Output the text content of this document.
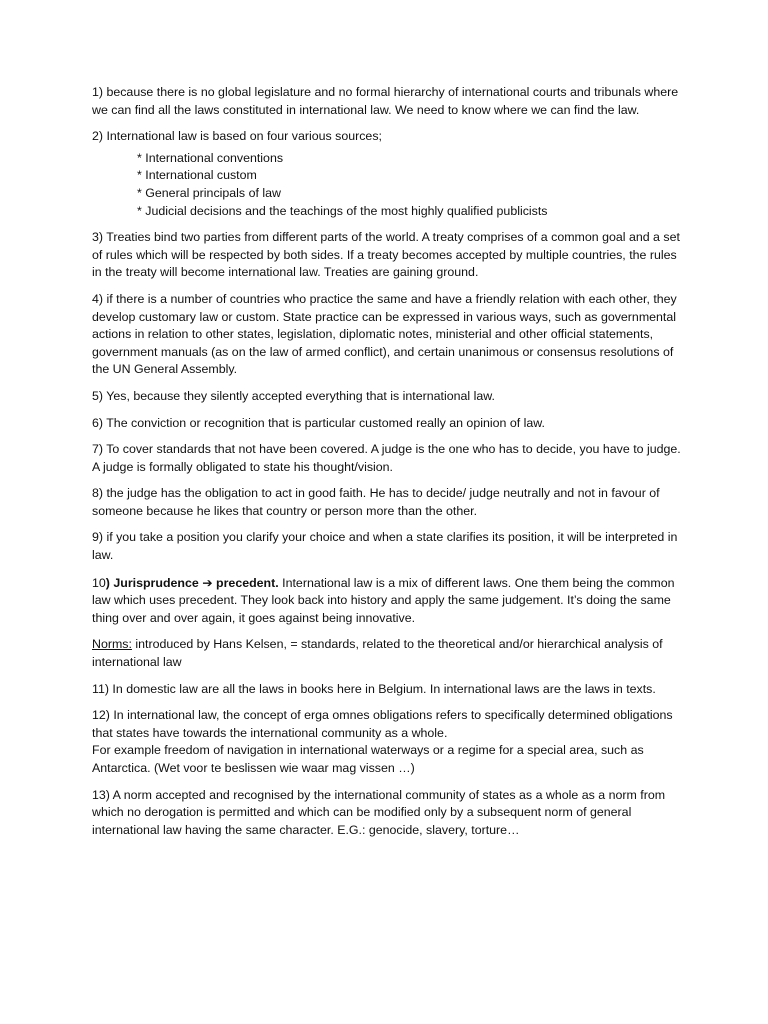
1) because there is no global legislature and no formal hierarchy of international courts and tribunals where we can find all the laws constituted in international law. We need to know where we can find the law.

2) International law is based on four various sources;

* International conventions
* International custom
* General principals of law
* Judicial decisions and the teachings of the most highly qualified publicists

3) Treaties bind two parties from different parts of the world. A treaty comprises of a common goal and a set of rules which will be respected by both sides. If a treaty becomes accepted by multiple countries, the rules in the treaty will become international law. Treaties are gaining ground.

4) if there is a number of countries who practice the same and have a friendly relation with each other, they develop customary law or custom. State practice can be expressed in various ways, such as governmental actions in relation to other states, legislation, diplomatic notes, ministerial and other official statements, government manuals (as on the law of armed conflict), and certain unanimous or consensus resolutions of the UN General Assembly.

5) Yes, because they silently accepted everything that is international law.

6) The conviction or recognition that is particular customed really an opinion of law.

7) To cover standards that not have been covered. A judge is the one who has to decide, you have to judge. A judge is formally obligated to state his thought/vision.

8) the judge has the obligation to act in good faith. He has to decide/ judge neutrally and not in favour of someone because he likes that country or person more than the other.

9) if you take a position you clarify your choice and when a state clarifies its position, it will be interpreted in law.

10) Jurisprudence ➔ precedent. International law is a mix of different laws. One them being the common law which uses precedent. They look back into history and apply the same judgement. It’s doing the same thing over and over again, it goes against being innovative.

Norms: introduced by Hans Kelsen, = standards, related to the theoretical and/or hierarchical analysis of international law

11) In domestic law are all the laws in books here in Belgium. In international laws are the laws in texts.

12) In international law, the concept of erga omnes obligations refers to specifically determined obligations that states have towards the international community as a whole.
For example freedom of navigation in international waterways or a regime for a special area, such as Antarctica. (Wet voor te beslissen wie waar mag vissen …)

13) A norm accepted and recognised by the international community of states as a whole as a norm from which no derogation is permitted and which can be modified only by a subsequent norm of general international law having the same character. E.G.: genocide, slavery, torture…
